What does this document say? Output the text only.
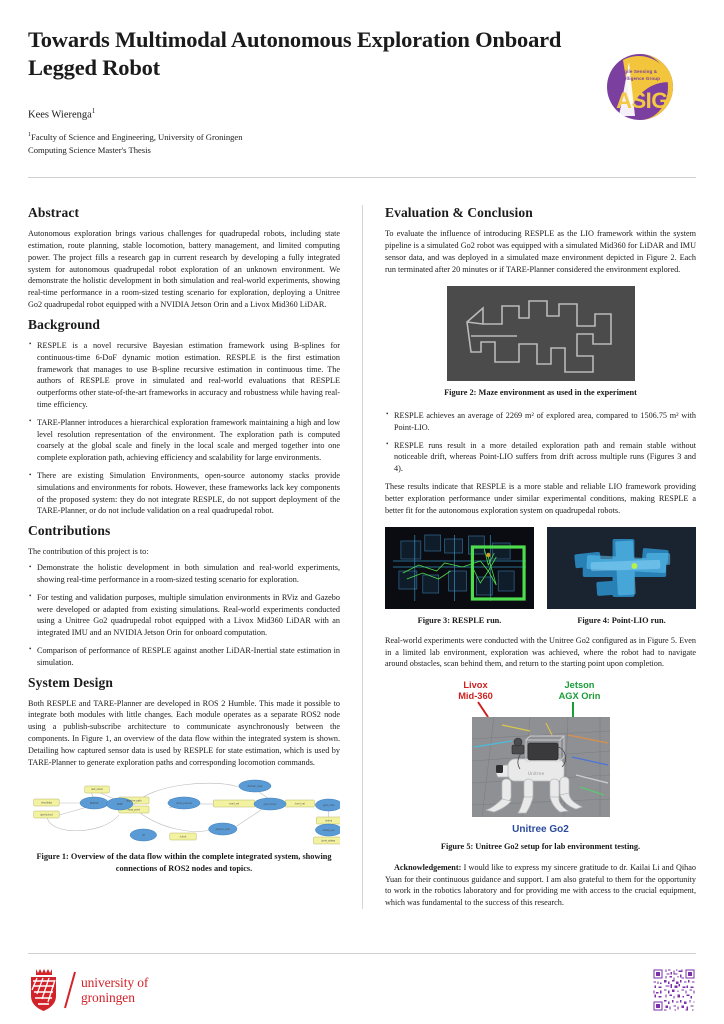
Towards Multimodal Autonomous Exploration Onboard Legged Robot
Kees Wierenga$^1$
$^1$Faculty of Science and Engineering, University of Groningen
Computing Science Master's Thesis
Agile Sensing &
Intelligence Group
ASIG
Abstract

Autonomous exploration brings various challenges for quadrupedal robots, including state estimation, route planning, stable locomotion, battery management, and limited computing power. The project fills a research gap in current research by developing a fully integrated system for autonomous quadrupedal robot exploration of an unknown environment. We demonstrate the holistic development in both simulation and real-world experiments, showing real-time performance in a room-sized testing scenario for exploration, deploying a Unitree Go2 quadrupedal robot equipped with a NVIDIA Jetson Orin and a Livox Mid360 LiDAR.

Background
• RESPLE is a novel recursive Bayesian estimation framework using B-splines for continuous-time 6-DoF dynamic motion estimation. RESPLE is the first estimation framework that manages to use B-spline recursive estimation in continuous time. The authors of RESPLE prove in simulated and real-world evaluations that RESPLE outperforms other state-of-the-art frameworks in accuracy and robustness while having real-time efficiency.
• TARE-Planner introduces a hierarchical exploration framework maintaining a high and low level resolution representation of the environment. The exploration path is computed coarsely at the global scale and finely in the local scale and merged together into one complete exploration path, achieving efficiency and scalability for large environments.
• There are existing Simulation Environments, open-source autonomy stacks provide simulations and environments for robots. However, these frameworks lack key components of the proposed system: they do not integrate RESPLE, do not support deployment of the TARE-Planner, or do not include validation on a real quadrupedal robot.
Contributions

The contribution of this project is to:

• Demonstrate the holistic development in both simulation and real-world experiments, showing real-time performance in a room-sized testing scenario for exploration.
• For testing and validation purposes, multiple simulation environments in RViz and Gazebo were developed or adapted from existing simulations. Real-world experiments conducted using a Unitree Go2 quadrupedal robot equipped with a Livox Mid360 LiDAR with an integrated IMU and an NVIDIA Jetson Orin for onboard computation.
• Comparison of performance of RESPLE against another LiDAR-Inertial state estimation in simulation.
System Design

Both RESPLE and TARE-Planner are developed in ROS 2 Humble. This made it possible to integrate both modules with little changes. Each module operates as a separate ROS2 node using a publish-subscribe architecture to communicate asynchronously between the components. In Figure 1, an overview of the data flow within the integrated system is shown. Detailing how captured sensor data is used by RESPLE for state estimation, which is used by TARE-Planner to generate exploration paths and corresponding locomotion commands.

/imu/data
/pointcloud
/ext_odom
RESPLE	TARE
/explore_path
/way_point
/local_planner	/cmd_vel
/terrain_map
/go2_driver
/sensor_scan
/cmd_vel	/go2_node
/odom
/state_pub
/joint_states
/tf
/clock

Figure 1: Overview of the data flow within the complete integrated system, showing connections of ROS2 nodes and topics.

Evaluation & Conclusion

To evaluate the influence of introducing RESPLE as the LIO framework within the system pipeline is a simulated Go2 robot was equipped with a simulated Mid360 for LiDAR and IMU sensor data, and was deployed in a simulated maze environment depicted in Figure 2. Each run terminated after 20 minutes or if TARE-Planner considered the environment explored.

Figure 2: Maze environment as used in the experiment

• RESPLE achieves an average of 2269 m² of explored area, compared to 1506.75 m² with Point-LIO.
• RESPLE runs result in a more detailed exploration path and remain stable without noticeable drift, whereas Point-LIO suffers from drift across multiple runs (Figures 3 and 4).

These results indicate that RESPLE is a more stable and reliable LIO framework providing better exploration performance under similar experimental conditions, making RESPLE a better fit for the autonomous exploration system on quadrupedal robots.

Figure 3: RESPLE run.	Figure 4: Point-LIO run.

Real-world experiments were conducted with the Unitree Go2 configured as in Figure 5. Even in a limited lab environment, exploration was achieved, where the robot had to navigate around obstacles, scan behind them, and return to the starting point upon completion.

Livox
Mid-360
Jetson
AGX Orin
Unitree
Unitree Go2

Figure 5: Unitree Go2 setup for lab environment testing.

Acknowledgement: I would like to express my sincere gratitude to dr. Kailai Li and Qihao Yuan for their continuous guidance and support. I am also grateful to them for the opportunity to work in the robotics laboratory and for providing me with access to the crucial equipment, which was fundamental to the success of this research.

university of
groningen
